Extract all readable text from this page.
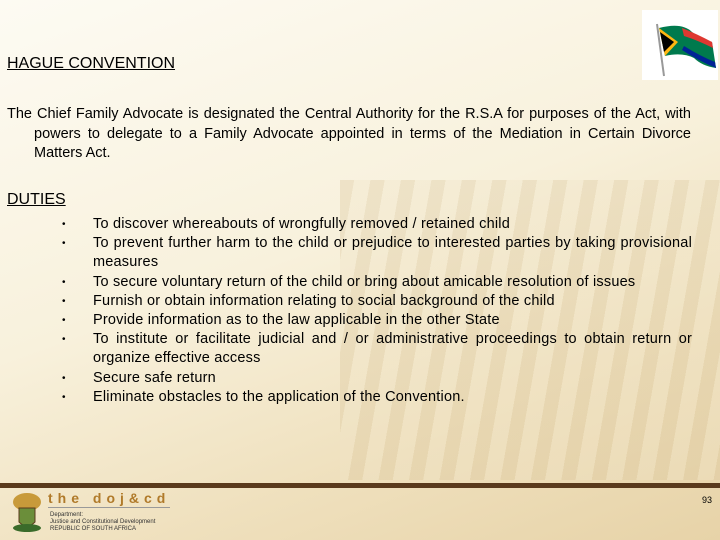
HAGUE CONVENTION

The Chief Family Advocate is designated the Central Authority for the R.S.A for purposes of the Act, with powers to delegate to a Family Advocate appointed in terms of the Mediation in Certain Divorce Matters Act.

DUTIES
• To discover whereabouts of wrongfully removed / retained child
• To prevent further harm to the child or prejudice to interested parties by taking provisional measures
• To secure voluntary return of the child or bring about amicable resolution of issues
• Furnish or obtain information relating to social background of the child
• Provide information as to the law applicable in the other State
• To institute or facilitate judicial and / or administrative proceedings to obtain return or organize effective access
• Secure safe return
• Eliminate obstacles to the application of the Convention.
the doj&cd
Department:
Justice and Constitutional Development
REPUBLIC OF SOUTH AFRICA
93
